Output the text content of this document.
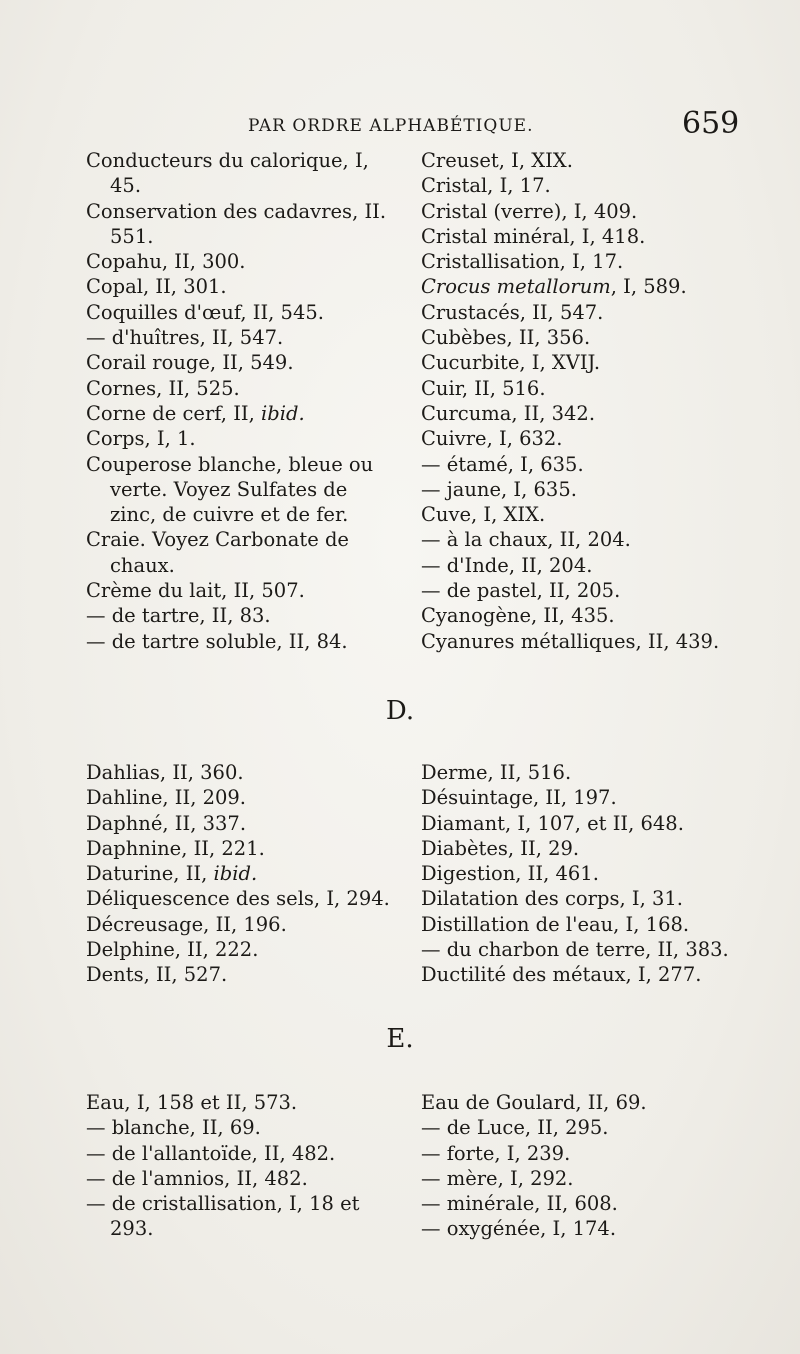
PAR ORDRE ALPHABÉTIQUE.	659
Conducteurs du calorique, I,
45.
Conservation des cadavres, II.
551.
Copahu, II, 300.
Copal, II, 301.
Coquilles d'œuf, II, 545.
— d'huîtres, II, 547.
Corail rouge, II, 549.
Cornes, II, 525.
Corne de cerf, II, ibid.
Corps, I, 1.
Couperose blanche, bleue ou
verte. Voyez Sulfates de
zinc, de cuivre et de fer.
Craie. Voyez Carbonate de
chaux.
Crème du lait, II, 507.
— de tartre, II, 83.
— de tartre soluble, II, 84.
Creuset, I, XIX.
Cristal, I, 17.
Cristal (verre), I, 409.
Cristal minéral, I, 418.
Cristallisation, I, 17.
Crocus metallorum, I, 589.
Crustacés, II, 547.
Cubèbes, II, 356.
Cucurbite, I, XVIJ.
Cuir, II, 516.
Curcuma, II, 342.
Cuivre, I, 632.
— étamé, I, 635.
— jaune, I, 635.
Cuve, I, XIX.
— à la chaux, II, 204.
— d'Inde, II, 204.
— de pastel, II, 205.
Cyanogène, II, 435.
Cyanures métalliques, II, 439.
D.
Dahlias, II, 360.
Dahline, II, 209.
Daphné, II, 337.
Daphnine, II, 221.
Daturine, II, ibid.
Déliquescence des sels, I, 294.
Décreusage, II, 196.
Delphine, II, 222.
Dents, II, 527.
Derme, II, 516.
Désuintage, II, 197.
Diamant, I, 107, et II, 648.
Diabètes, II, 29.
Digestion, II, 461.
Dilatation des corps, I, 31.
Distillation de l'eau, I, 168.
— du charbon de terre, II, 383.
Ductilité des métaux, I, 277.
E.
Eau, I, 158 et II, 573.
— blanche, II, 69.
— de l'allantoïde, II, 482.
— de l'amnios, II, 482.
— de cristallisation, I, 18 et
293.
Eau de Goulard, II, 69.
— de Luce, II, 295.
— forte, I, 239.
— mère, I, 292.
— minérale, II, 608.
— oxygénée, I, 174.
